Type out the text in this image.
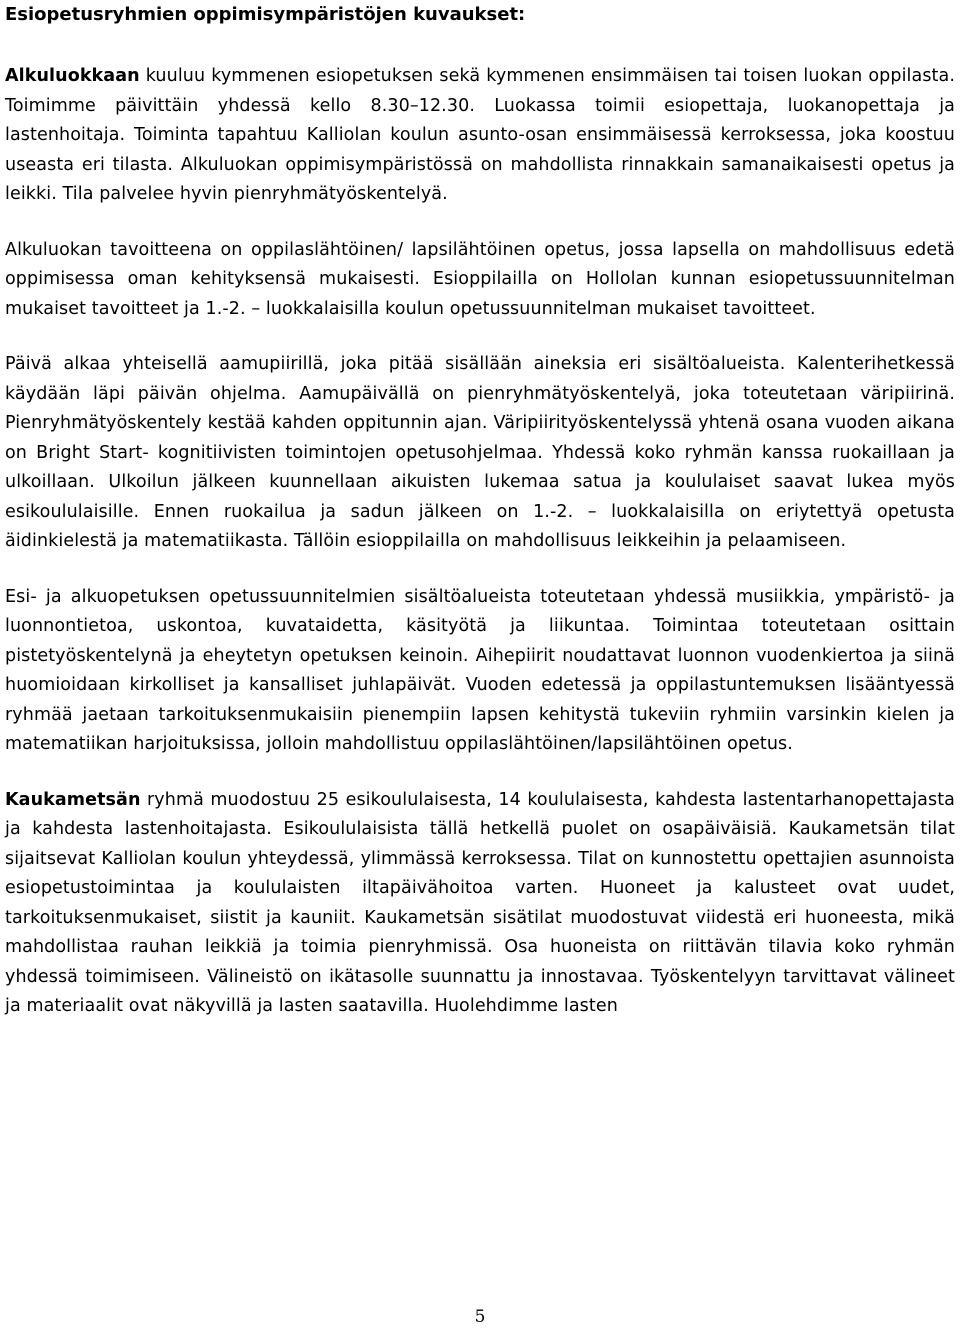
Esiopetusryhmien oppimisympäristöjen kuvaukset:

Alkuluokkaan kuuluu kymmenen esiopetuksen sekä kymmenen ensimmäisen tai toisen luokan oppilasta. Toimimme päivittäin yhdessä kello 8.30–12.30. Luokassa toimii esiopettaja, luokanopettaja ja lastenhoitaja. Toiminta tapahtuu Kalliolan koulun asunto-osan ensimmäisessä kerroksessa, joka koostuu useasta eri tilasta. Alkuluokan oppimisympäristössä on mahdollista rinnakkain samanaikaisesti opetus ja leikki. Tila palvelee hyvin pienryhmätyöskentelyä.

Alkuluokan tavoitteena on oppilaslähtöinen/ lapsilähtöinen opetus, jossa lapsella on mahdollisuus edetä oppimisessa oman kehityksensä mukaisesti. Esioppilailla on Hollolan kunnan esiopetussuunnitelman mukaiset tavoitteet ja 1.-2. – luokkalaisilla koulun opetussuunnitelman mukaiset tavoitteet.

Päivä alkaa yhteisellä aamupiirillä, joka pitää sisällään aineksia eri sisältöalueista. Kalenterihetkessä käydään läpi päivän ohjelma. Aamupäivällä on pienryhmätyöskentelyä, joka toteutetaan väripiirinä. Pienryhmätyöskentely kestää kahden oppitunnin ajan. Väripiirityöskentelyssä yhtenä osana vuoden aikana on Bright Start- kognitiivisten toimintojen opetusohjelmaa. Yhdessä koko ryhmän kanssa ruokaillaan ja ulkoillaan. Ulkoilun jälkeen kuunnellaan aikuisten lukemaa satua ja koululaiset saavat lukea myös esikoululaisille. Ennen ruokailua ja sadun jälkeen on 1.-2. – luokkalaisilla on eriytettyä opetusta äidinkielestä ja matematiikasta. Tällöin esioppilailla on mahdollisuus leikkeihin ja pelaamiseen.

Esi- ja alkuopetuksen opetussuunnitelmien sisältöalueista toteutetaan yhdessä musiikkia, ympäristö- ja luonnontietoa, uskontoa, kuvataidetta, käsityötä ja liikuntaa. Toimintaa toteutetaan osittain pistetyöskentelynä ja eheytetyn opetuksen keinoin. Aihepiirit noudattavat luonnon vuodenkiertoa ja siinä huomioidaan kirkolliset ja kansalliset juhlapäivät. Vuoden edetessä ja oppilastuntemuksen lisääntyessä ryhmää jaetaan tarkoituksenmukaisiin pienempiin lapsen kehitystä tukeviin ryhmiin varsinkin kielen ja matematiikan harjoituksissa, jolloin mahdollistuu oppilaslähtöinen/lapsilähtöinen opetus.

Kaukametsän ryhmä muodostuu 25 esikoululaisesta, 14 koululaisesta, kahdesta lastentarhanopettajasta ja kahdesta lastenhoitajasta. Esikoululaisista tällä hetkellä puolet on osapäiväisiä. Kaukametsän tilat sijaitsevat Kalliolan koulun yhteydessä, ylimmässä kerroksessa. Tilat on kunnostettu opettajien asunnoista esiopetustoimintaa ja koululaisten iltapäivähoitoa varten. Huoneet ja kalusteet ovat uudet, tarkoituksenmukaiset, siistit ja kauniit. Kaukametsän sisätilat muodostuvat viidestä eri huoneesta, mikä mahdollistaa rauhan leikkiä ja toimia pienryhmissä. Osa huoneista on riittävän tilavia koko ryhmän yhdessä toimimiseen. Välineistö on ikätasolle suunnattu ja innostavaa. Työskentelyyn tarvittavat välineet ja materiaalit ovat näkyvillä ja lasten saatavilla. Huolehdimme lasten

5
